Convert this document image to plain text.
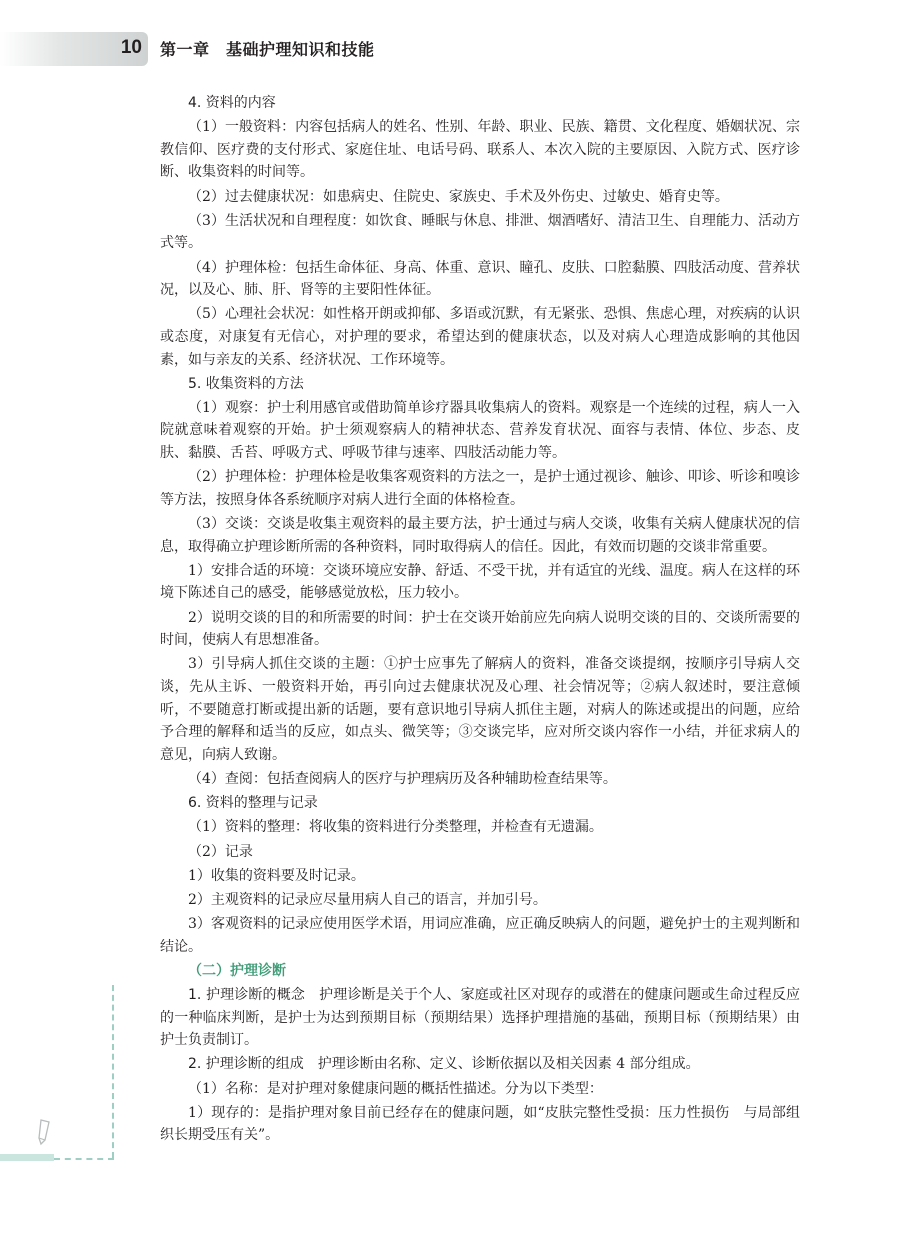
10 第一章　基础护理知识和技能

4. 资料的内容

（1）一般资料：内容包括病人的姓名、性别、年龄、职业、民族、籍贯、文化程度、婚姻状况、宗教信仰、医疗费的支付形式、家庭住址、电话号码、联系人、本次入院的主要原因、入院方式、医疗诊断、收集资料的时间等。

（2）过去健康状况：如患病史、住院史、家族史、手术及外伤史、过敏史、婚育史等。

（3）生活状况和自理程度：如饮食、睡眠与休息、排泄、烟酒嗜好、清洁卫生、自理能力、活动方式等。

（4）护理体检：包括生命体征、身高、体重、意识、瞳孔、皮肤、口腔黏膜、四肢活动度、营养状况，以及心、肺、肝、肾等的主要阳性体征。

（5）心理社会状况：如性格开朗或抑郁、多语或沉默，有无紧张、恐惧、焦虑心理，对疾病的认识或态度，对康复有无信心，对护理的要求，希望达到的健康状态，以及对病人心理造成影响的其他因素，如与亲友的关系、经济状况、工作环境等。

5. 收集资料的方法

（1）观察：护士利用感官或借助简单诊疗器具收集病人的资料。观察是一个连续的过程，病人一入院就意味着观察的开始。护士须观察病人的精神状态、营养发育状况、面容与表情、体位、步态、皮肤、黏膜、舌苔、呼吸方式、呼吸节律与速率、四肢活动能力等。

（2）护理体检：护理体检是收集客观资料的方法之一，是护士通过视诊、触诊、叩诊、听诊和嗅诊等方法，按照身体各系统顺序对病人进行全面的体格检查。

（3）交谈：交谈是收集主观资料的最主要方法，护士通过与病人交谈，收集有关病人健康状况的信息，取得确立护理诊断所需的各种资料，同时取得病人的信任。因此，有效而切题的交谈非常重要。

1）安排合适的环境：交谈环境应安静、舒适、不受干扰，并有适宜的光线、温度。病人在这样的环境下陈述自己的感受，能够感觉放松，压力较小。

2）说明交谈的目的和所需要的时间：护士在交谈开始前应先向病人说明交谈的目的、交谈所需要的时间，使病人有思想准备。

3）引导病人抓住交谈的主题：①护士应事先了解病人的资料，准备交谈提纲，按顺序引导病人交谈，先从主诉、一般资料开始，再引向过去健康状况及心理、社会情况等；②病人叙述时，要注意倾听，不要随意打断或提出新的话题，要有意识地引导病人抓住主题，对病人的陈述或提出的问题，应给予合理的解释和适当的反应，如点头、微笑等；③交谈完毕，应对所交谈内容作一小结，并征求病人的意见，向病人致谢。

（4）查阅：包括查阅病人的医疗与护理病历及各种辅助检查结果等。

6. 资料的整理与记录

（1）资料的整理：将收集的资料进行分类整理，并检查有无遗漏。

（2）记录

1）收集的资料要及时记录。

2）主观资料的记录应尽量用病人自己的语言，并加引号。

3）客观资料的记录应使用医学术语，用词应准确，应正确反映病人的问题，避免护士的主观判断和结论。

（二）护理诊断

1. 护理诊断的概念　护理诊断是关于个人、家庭或社区对现存的或潜在的健康问题或生命过程反应的一种临床判断，是护士为达到预期目标（预期结果）选择护理措施的基础，预期目标（预期结果）由护士负责制订。

2. 护理诊断的组成　护理诊断由名称、定义、诊断依据以及相关因素 4 部分组成。

（1）名称：是对护理对象健康问题的概括性描述。分为以下类型：

1）现存的：是指护理对象目前已经存在的健康问题，如“皮肤完整性受损：压力性损伤　与局部组织长期受压有关”。
